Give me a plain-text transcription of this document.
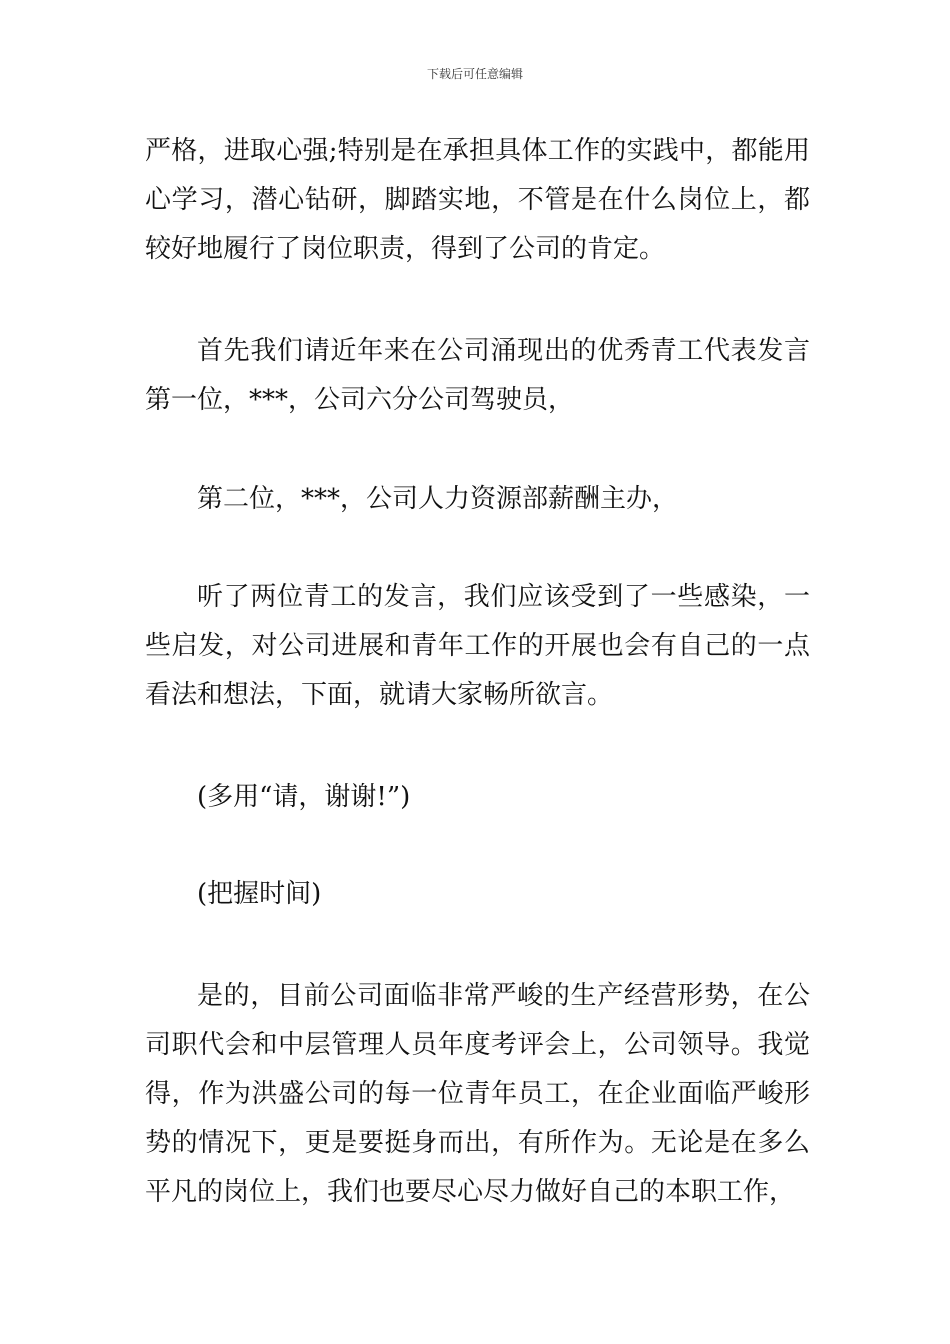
下载后可任意编辑

严格，进取心强;特别是在承担具体工作的实践中，都能用心学习，潜心钻研，脚踏实地，不管是在什么岗位上，都较好地履行了岗位职责，得到了公司的肯定。

首先我们请近年来在公司涌现出的优秀青工代表发言第一位，***，公司六分公司驾驶员，

第二位，***，公司人力资源部薪酬主办，

听了两位青工的发言，我们应该受到了一些感染，一些启发，对公司进展和青年工作的开展也会有自己的一点看法和想法，下面，就请大家畅所欲言。

(多用“请，谢谢!”)

(把握时间)

是的，目前公司面临非常严峻的生产经营形势，在公司职代会和中层管理人员年度考评会上，公司领导。我觉得，作为洪盛公司的每一位青年员工，在企业面临严峻形势的情况下，更是要挺身而出，有所作为。无论是在多么平凡的岗位上，我们也要尽心尽力做好自己的本职工作，
